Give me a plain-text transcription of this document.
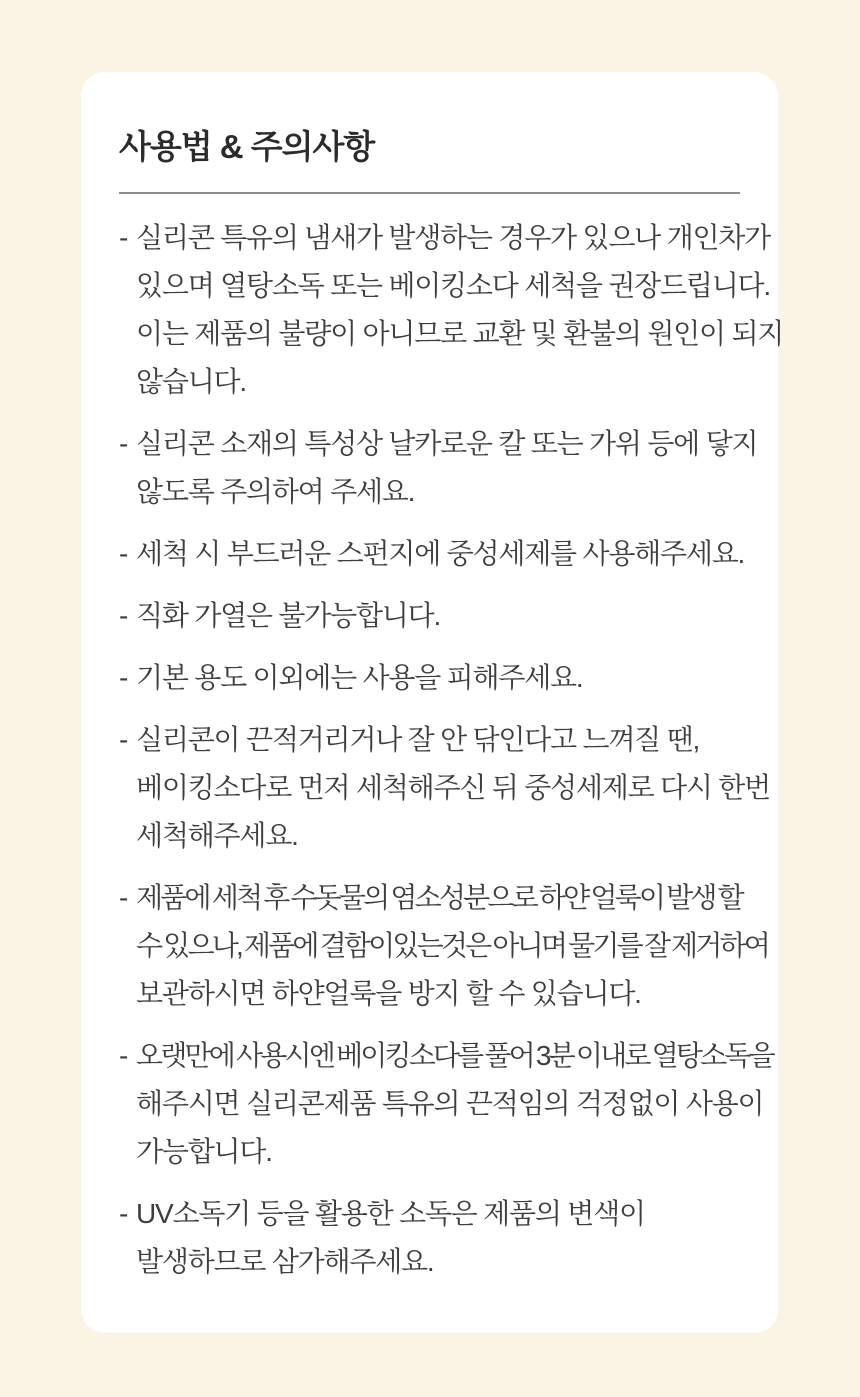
사용법 & 주의사항
- 실리콘 특유의 냄새가 발생하는 경우가 있으나 개인차가
있으며 열탕소독 또는 베이킹소다 세척을 권장드립니다.
이는 제품의 불량이 아니므로 교환 및 환불의 원인이 되지
않습니다.
- 실리콘 소재의 특성상 날카로운 칼 또는 가위 등에 닿지
않도록 주의하여 주세요.
- 세척 시 부드러운 스펀지에 중성세제를 사용해주세요.
- 직화 가열은 불가능합니다.
- 기본 용도 이외에는 사용을 피해주세요.
- 실리콘이 끈적거리거나 잘 안 닦인다고 느껴질 땐,
베이킹소다로 먼저 세척해주신 뒤 중성세제로 다시 한번
세척해주세요.
- 제품에 세척 후 수돗물의 염소성분으로 하얀 얼룩이 발생 할
수 있으나, 제품에 결함이있는것은 아니며 물기를 잘 제거하여
보관하시면 하얀얼룩을 방지 할 수 있습니다.
- 오랫만에 사용시엔 베이킹소다를 풀어 3분 이내로 열탕소독을
해주시면 실리콘제품 특유의 끈적임의 걱정없이 사용이
가능합니다.
- UV소독기 등을 활용한 소독은 제품의 변색이
발생하므로 삼가해주세요.
